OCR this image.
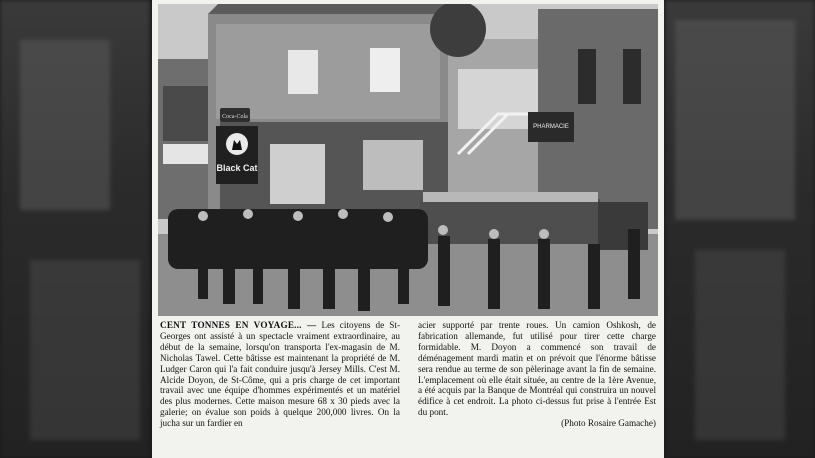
Coca-Cola
Black Cat
PHARMACIE

CENT TONNES EN VOYAGE... — Les citoyens de St-Georges ont assisté à un spectacle vraiment extraordinaire, au début de la semaine, lorsqu'on transporta l'ex-magasin de M. Nicholas Tawel. Cette bâtisse est maintenant la propriété de M. Ludger Caron qui l'a fait conduire jusqu'à Jersey Mills. C'est M. Alcide Doyon, de St-Côme, qui a pris charge de cet important travail avec une équipe d'hommes expérimentés et un matériel des plus modernes. Cette maison mesure 68 x 30 pieds avec la galerie; on évalue son poids à quelque 200,000 livres. On la jucha sur un fardier en

acier supporté par trente roues. Un camion Oshkosh, de fabrication allemande, fut utilisé pour tirer cette charge formidable. M. Doyon a commencé son travail de déménagement mardi matin et on prévoit que l'énorme bâtisse sera rendue au terme de son pèlerinage avant la fin de semaine. L'emplacement où elle était située, au centre de la 1ère Avenue, a été acquis par la Banque de Montréal qui construira un nouvel édifice à cet endroit. La photo ci-dessus fut prise à l'entrée Est du pont.

(Photo Rosaire Gamache)
